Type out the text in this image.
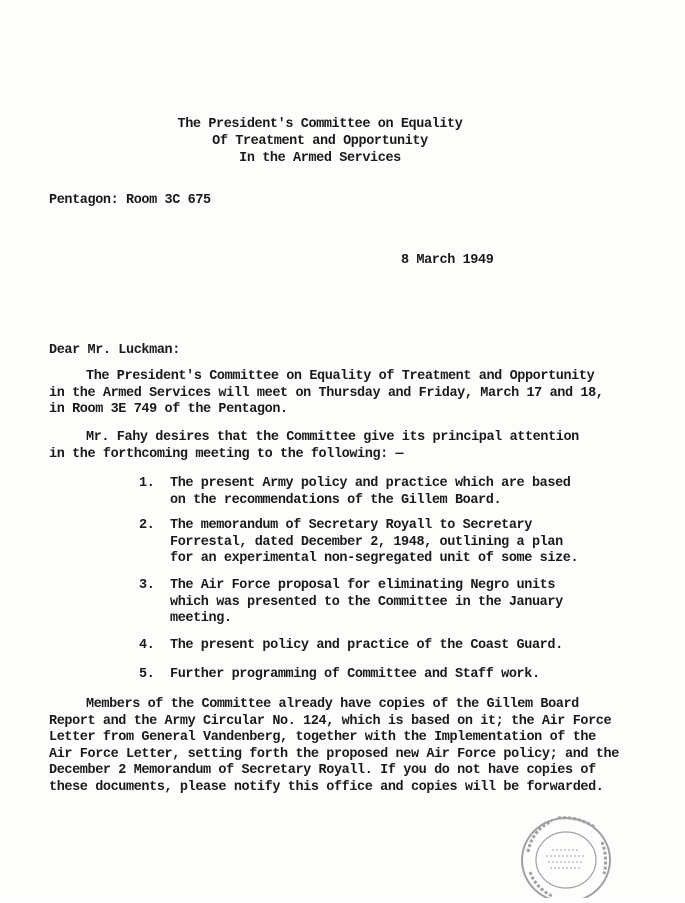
The President's Committee on Equality
Of Treatment and Opportunity
In the Armed Services
Pentagon: Room 3C 675
8 March 1949
Dear Mr. Luckman:
The President's Committee on Equality of Treatment and Opportunity
in the Armed Services will meet on Thursday and Friday, March 17 and 18,
in Room 3E 749 of the Pentagon.
Mr. Fahy desires that the Committee give its principal attention
in the forthcoming meeting to the following: —
1.	The present Army policy and practice which are based
on the recommendations of the Gillem Board.
2.	The memorandum of Secretary Royall to Secretary
Forrestal, dated December 2, 1948, outlining a plan
for an experimental non-segregated unit of some size.
3.	The Air Force proposal for eliminating Negro units
which was presented to the Committee in the January
meeting.
4.	The present policy and practice of the Coast Guard.
5.	Further programming of Committee and Staff work.
Members of the Committee already have copies of the Gillem Board
Report and the Army Circular No. 124, which is based on it; the Air Force
Letter from General Vandenberg, together with the Implementation of the
Air Force Letter, setting forth the proposed new Air Force policy; and the
December 2 Memorandum of Secretary Royall. If you do not have copies of
these documents, please notify this office and copies will be forwarded.
